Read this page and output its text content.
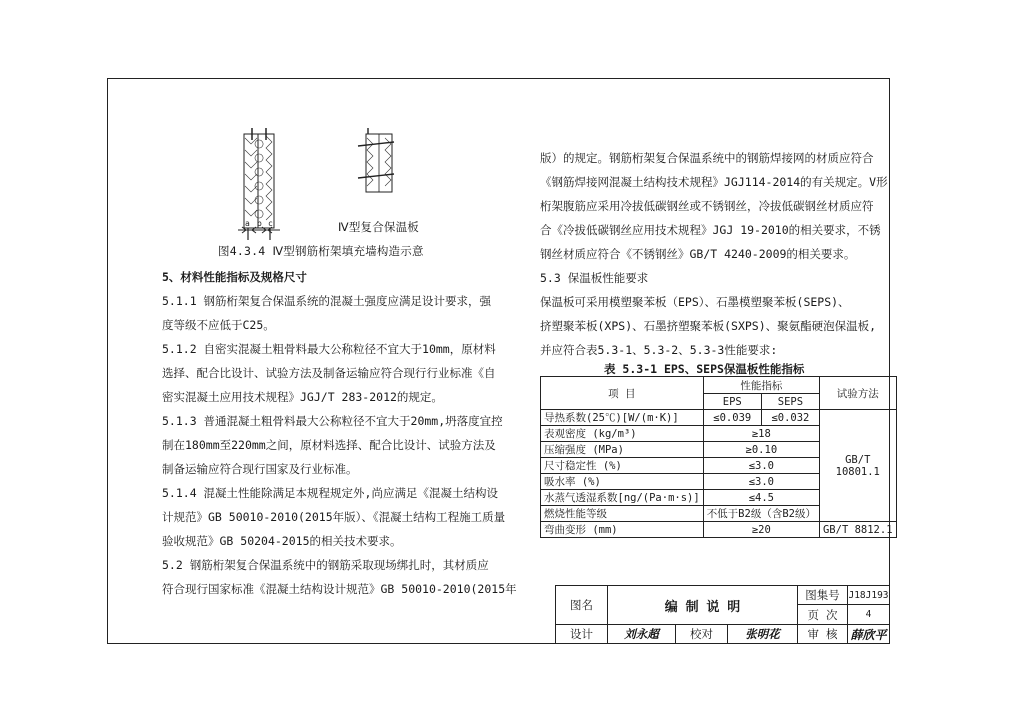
a b c	Ⅳ型复合保温板
图4.3.4 Ⅳ型钢筋桁架填充墙构造示意
5、材料性能指标及规格尺寸
5.1.1 钢筋桁架复合保温系统的混凝土强度应满足设计要求，强
度等级不应低于C25。
5.1.2 自密实混凝土粗骨料最大公称粒径不宜大于10mm，原材料
选择、配合比设计、试验方法及制备运输应符合现行行业标准《自
密实混凝土应用技术规程》JGJ/T 283-2012的规定。
5.1.3 普通混凝土粗骨料最大公称粒径不宜大于20mm,坍落度宜控
制在180mm至220mm之间，原材料选择、配合比设计、试验方法及
制备运输应符合现行国家及行业标准。
5.1.4 混凝土性能除满足本规程规定外,尚应满足《混凝土结构设
计规范》GB 50010-2010(2015年版）、《混凝土结构工程施工质量
验收规范》GB 50204-2015的相关技术要求。
5.2 钢筋桁架复合保温系统中的钢筋采取现场绑扎时，其材质应
符合现行国家标准《混凝土结构设计规范》GB 50010-2010(2015年
版）的规定。钢筋桁架复合保温系统中的钢筋焊接网的材质应符合
《钢筋焊接网混凝土结构技术规程》JGJ114-2014的有关规定。V形
桁架腹筋应采用冷拔低碳钢丝或不锈钢丝，冷拔低碳钢丝材质应符
合《冷拔低碳钢丝应用技术规程》JGJ 19-2010的相关要求，不锈
钢丝材质应符合《不锈钢丝》GB/T 4240-2009的相关要求。
5.3 保温板性能要求
保温板可采用模塑聚苯板（EPS）、石墨模塑聚苯板(SEPS)、
挤塑聚苯板(XPS)、石墨挤塑聚苯板(SXPS)、聚氨酯硬泡保温板,
并应符合表5.3-1、5.3-2、5.3-3性能要求:
表 5.3-1 EPS、SEPS保温板性能指标
项 目	性能指标		试验方法
	EPS	SEPS	
导热系数(25℃)[W/(m·K)]	≤0.039	≤0.032	GB/T
10801.1
表观密度 (kg/m³)	≥18		
压缩强度 (MPa)	≥0.10		
尺寸稳定性 (%)	≤3.0		
吸水率 (%)	≤3.0		
水蒸气透湿系数[ng/(Pa·m·s)]	≤4.5		
燃烧性能等级	不低于B2级（含B2级）		
弯曲变形 (mm)	≥20		GB/T 8812.1
图名	编 制 说 明
图集号 J18J193
页 次	4
设计	刘永超	校对	张明花	审 核	薛欣平
